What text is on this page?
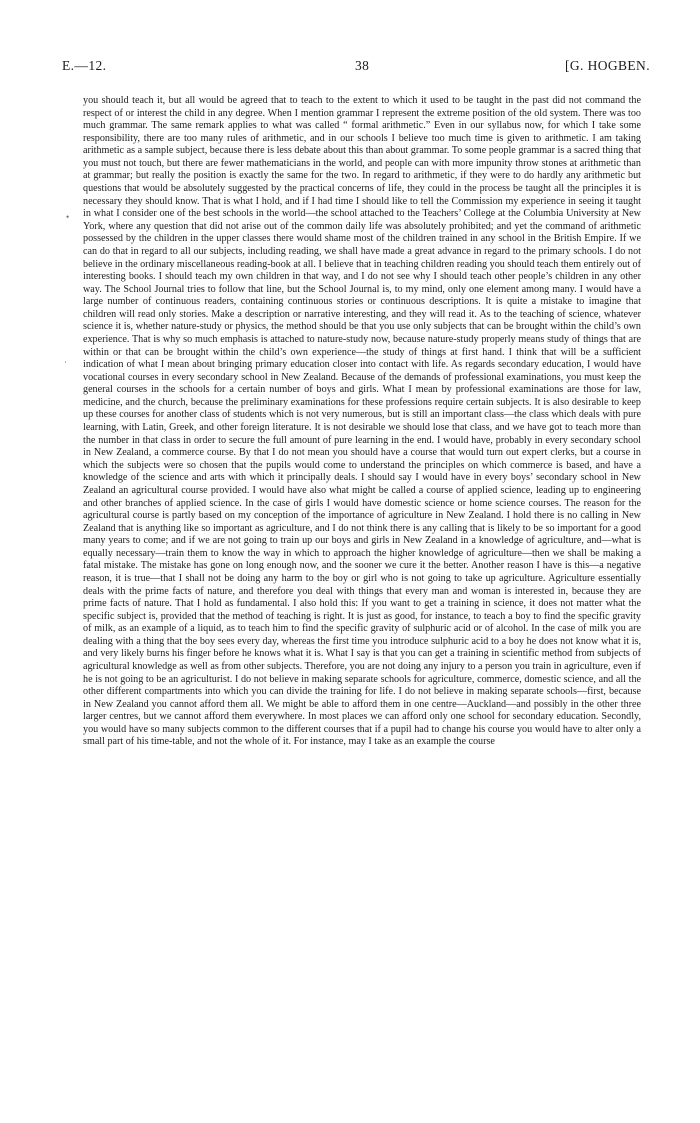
E.—12.	38	[G. HOGBEN.

you should teach it, but all would be agreed that to teach to the extent to which it used to be taught in the past did not command the respect of or interest the child in any degree. When I mention grammar I represent the extreme position of the old system. There was too much grammar. The same remark applies to what was called “ formal arithmetic.” Even in our syllabus now, for which I take some responsibility, there are too many rules of arithmetic, and in our schools I believe too much time is given to arithmetic. I am taking arithmetic as a sample subject, because there is less debate about this than about grammar. To some people grammar is a sacred thing that you must not touch, but there are fewer mathematicians in the world, and people can with more impunity throw stones at arithmetic than at grammar; but really the position is exactly the same for the two. In regard to arithmetic, if they were to do hardly any arithmetic but questions that would be absolutely suggested by the practical concerns of life, they could in the process be taught all the principles it is necessary they should know. That is what I hold, and if I had time I should like to tell the Commission my experience in seeing it taught in what I consider one of the best schools in the world—the school attached to the Teachers’ College at the Columbia University at New York, where any question that did not arise out of the common daily life was absolutely prohibited; and yet the command of arithmetic possessed by the children in the upper classes there would shame most of the children trained in any school in the British Empire. If we can do that in regard to all our subjects, including reading, we shall have made a great advance in regard to the primary schools. I do not believe in the ordinary miscellaneous reading-book at all. I believe that in teaching children reading you should teach them entirely out of interesting books. I should teach my own children in that way, and I do not see why I should teach other people’s children in any other way. The School Journal tries to follow that line, but the School Journal is, to my mind, only one element among many. I would have a large number of continuous readers, containing continuous stories or continuous descriptions. It is quite a mistake to imagine that children will read only stories. Make a description or narrative interesting, and they will read it. As to the teaching of science, whatever science it is, whether nature-study or physics, the method should be that you use only subjects that can be brought within the child’s own experience. That is why so much emphasis is attached to nature-study now, because nature-study properly means study of things that are within or that can be brought within the child’s own experience—the study of things at first hand. I think that will be a sufficient indication of what I mean about bringing primary education closer into contact with life. As regards secondary education, I would have vocational courses in every secondary school in New Zealand. Because of the demands of professional examinations, you must keep the general courses in the schools for a certain number of boys and girls. What I mean by professional examinations are those for law, medicine, and the church, because the preliminary examinations for these professions require certain subjects. It is also desirable to keep up these courses for another class of students which is not very numerous, but is still an important class—the class which deals with pure learning, with Latin, Greek, and other foreign literature. It is not desirable we should lose that class, and we have got to teach more than the number in that class in order to secure the full amount of pure learning in the end. I would have, probably in every secondary school in New Zealand, a commerce course. By that I do not mean you should have a course that would turn out expert clerks, but a course in which the subjects were so chosen that the pupils would come to understand the principles on which commerce is based, and have a knowledge of the science and arts with which it principally deals. I should say I would have in every boys’ secondary school in New Zealand an agricultural course provided. I would have also what might be called a course of applied science, leading up to engineering and other branches of applied science. In the case of girls I would have domestic science or home science courses. The reason for the agricultural course is partly based on my conception of the importance of agriculture in New Zealand. I hold there is no calling in New Zealand that is anything like so important as agriculture, and I do not think there is any calling that is likely to be so important for a good many years to come; and if we are not going to train up our boys and girls in New Zealand in a knowledge of agriculture, and—what is equally necessary—train them to know the way in which to approach the higher knowledge of agriculture—then we shall be making a fatal mistake. The mistake has gone on long enough now, and the sooner we cure it the better. Another reason I have is this—a negative reason, it is true—that I shall not be doing any harm to the boy or girl who is not going to take up agriculture. Agriculture essentially deals with the prime facts of nature, and therefore you deal with things that every man and woman is interested in, because they are prime facts of nature. That I hold as fundamental. I also hold this: If you want to get a training in science, it does not matter what the specific subject is, provided that the method of teaching is right. It is just as good, for instance, to teach a boy to find the specific gravity of milk, as an example of a liquid, as to teach him to find the specific gravity of sulphuric acid or of alcohol. In the case of milk you are dealing with a thing that the boy sees every day, whereas the first time you introduce sulphuric acid to a boy he does not know what it is, and very likely burns his finger before he knows what it is. What I say is that you can get a training in scientific method from subjects of agricultural knowledge as well as from other subjects. Therefore, you are not doing any injury to a person you train in agriculture, even if he is not going to be an agriculturist. I do not believe in making separate schools for agriculture, commerce, domestic science, and all the other different compartments into which you can divide the training for life. I do not believe in making separate schools—first, because in New Zealand you cannot afford them all. We might be able to afford them in one centre—Auckland—and possibly in the other three larger centres, but we cannot afford them everywhere. In most places we can afford only one school for secondary education. Secondly, you would have so many subjects common to the different courses that if a pupil had to change his course you would have to alter only a small part of his time-table, and not the whole of it. For instance, may I take as an example the course

•
·
